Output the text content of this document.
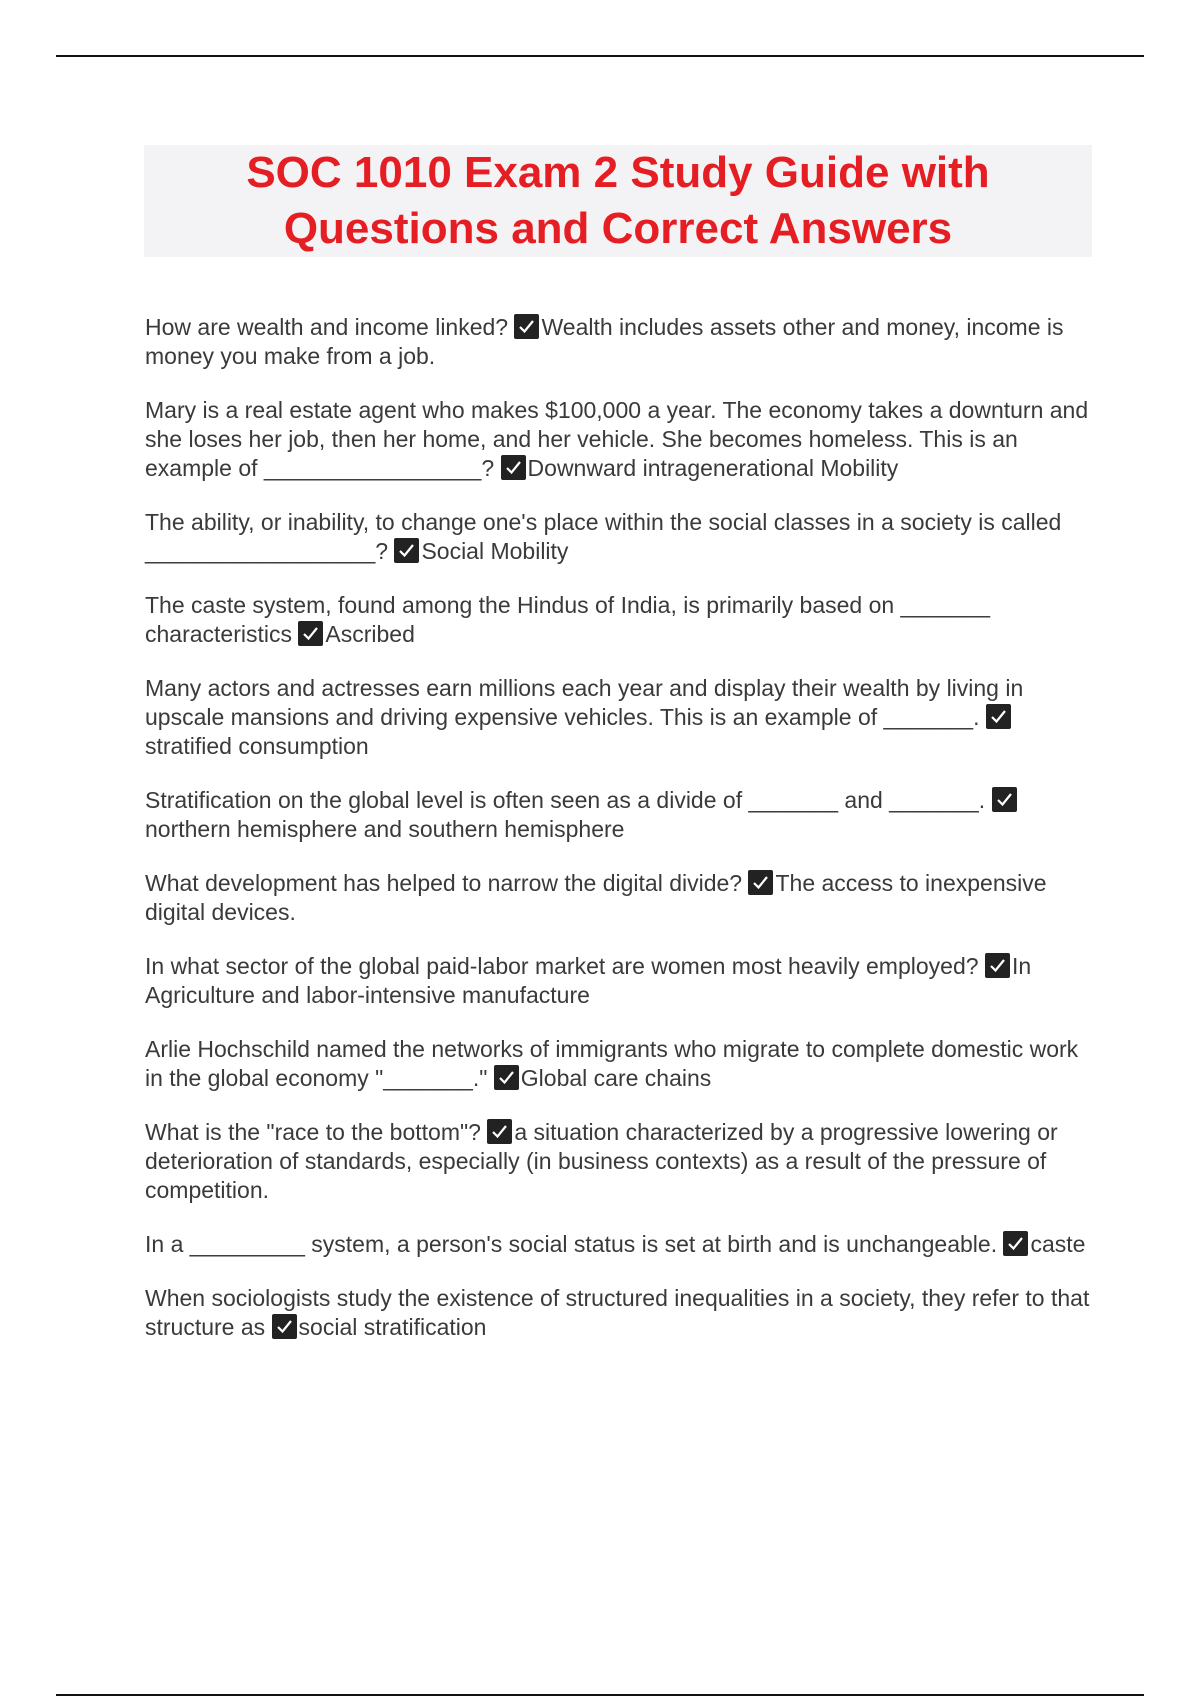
SOC 1010 Exam 2 Study Guide with Questions and Correct Answers

How are wealth and income linked? Wealth includes assets other and money, income is money you make from a job.

Mary is a real estate agent who makes $100,000 a year. The economy takes a downturn and she loses her job, then her home, and her vehicle. She becomes homeless. This is an example of _________________? Downward intragenerational Mobility

The ability, or inability, to change one's place within the social classes in a society is called __________________? Social Mobility

The caste system, found among the Hindus of India, is primarily based on _______ characteristics Ascribed

Many actors and actresses earn millions each year and display their wealth by living in upscale mansions and driving expensive vehicles. This is an example of _______.
stratified consumption

Stratification on the global level is often seen as a divide of _______ and _______.
northern hemisphere and southern hemisphere

What development has helped to narrow the digital divide? The access to inexpensive digital devices.

In what sector of the global paid-labor market are women most heavily employed? In Agriculture and labor-intensive manufacture

Arlie Hochschild named the networks of immigrants who migrate to complete domestic work in the global economy "_______." Global care chains

What is the "race to the bottom"? a situation characterized by a progressive lowering or deterioration of standards, especially (in business contexts) as a result of the pressure of competition.

In a _________ system, a person's social status is set at birth and is unchangeable. caste

When sociologists study the existence of structured inequalities in a society, they refer to that structure as social stratification
